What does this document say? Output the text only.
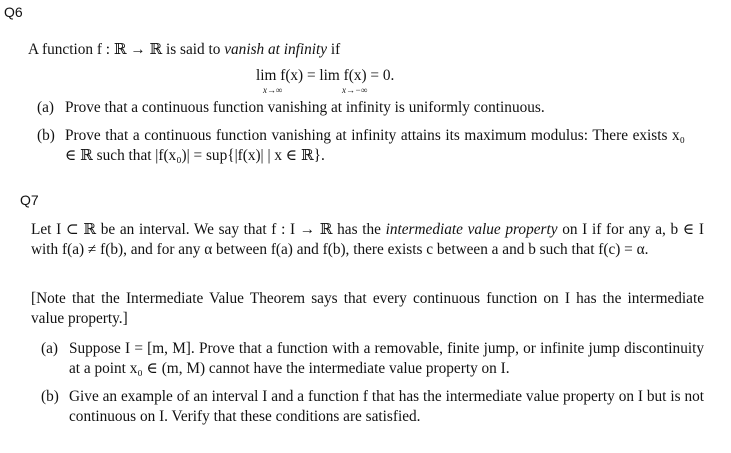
Q6
A function f : ℝ → ℝ is said to vanish at infinity if
lim f(x) = lim f(x) = 0.
x→∞	x→−∞
(a) Prove that a continuous function vanishing at infinity is uniformly continuous.
(b) Prove that a continuous function vanishing at infinity attains its maximum modulus: There exists x₀ ∈ ℝ such that |f(x₀)| = sup{|f(x)| | x ∈ ℝ}.
Q7
Let I ⊂ ℝ be an interval. We say that f : I → ℝ has the intermediate value property on I if for any a, b ∈ I with f(a) ≠ f(b), and for any α between f(a) and f(b), there exists c between a and b such that f(c) = α.
[Note that the Intermediate Value Theorem says that every continuous function on I has the intermediate value property.]
(a) Suppose I = [m, M]. Prove that a function with a removable, finite jump, or infinite jump discontinuity at a point x₀ ∈ (m, M) cannot have the intermediate value property on I.
(b) Give an example of an interval I and a function f that has the intermediate value property on I but is not continuous on I. Verify that these conditions are satisfied.
